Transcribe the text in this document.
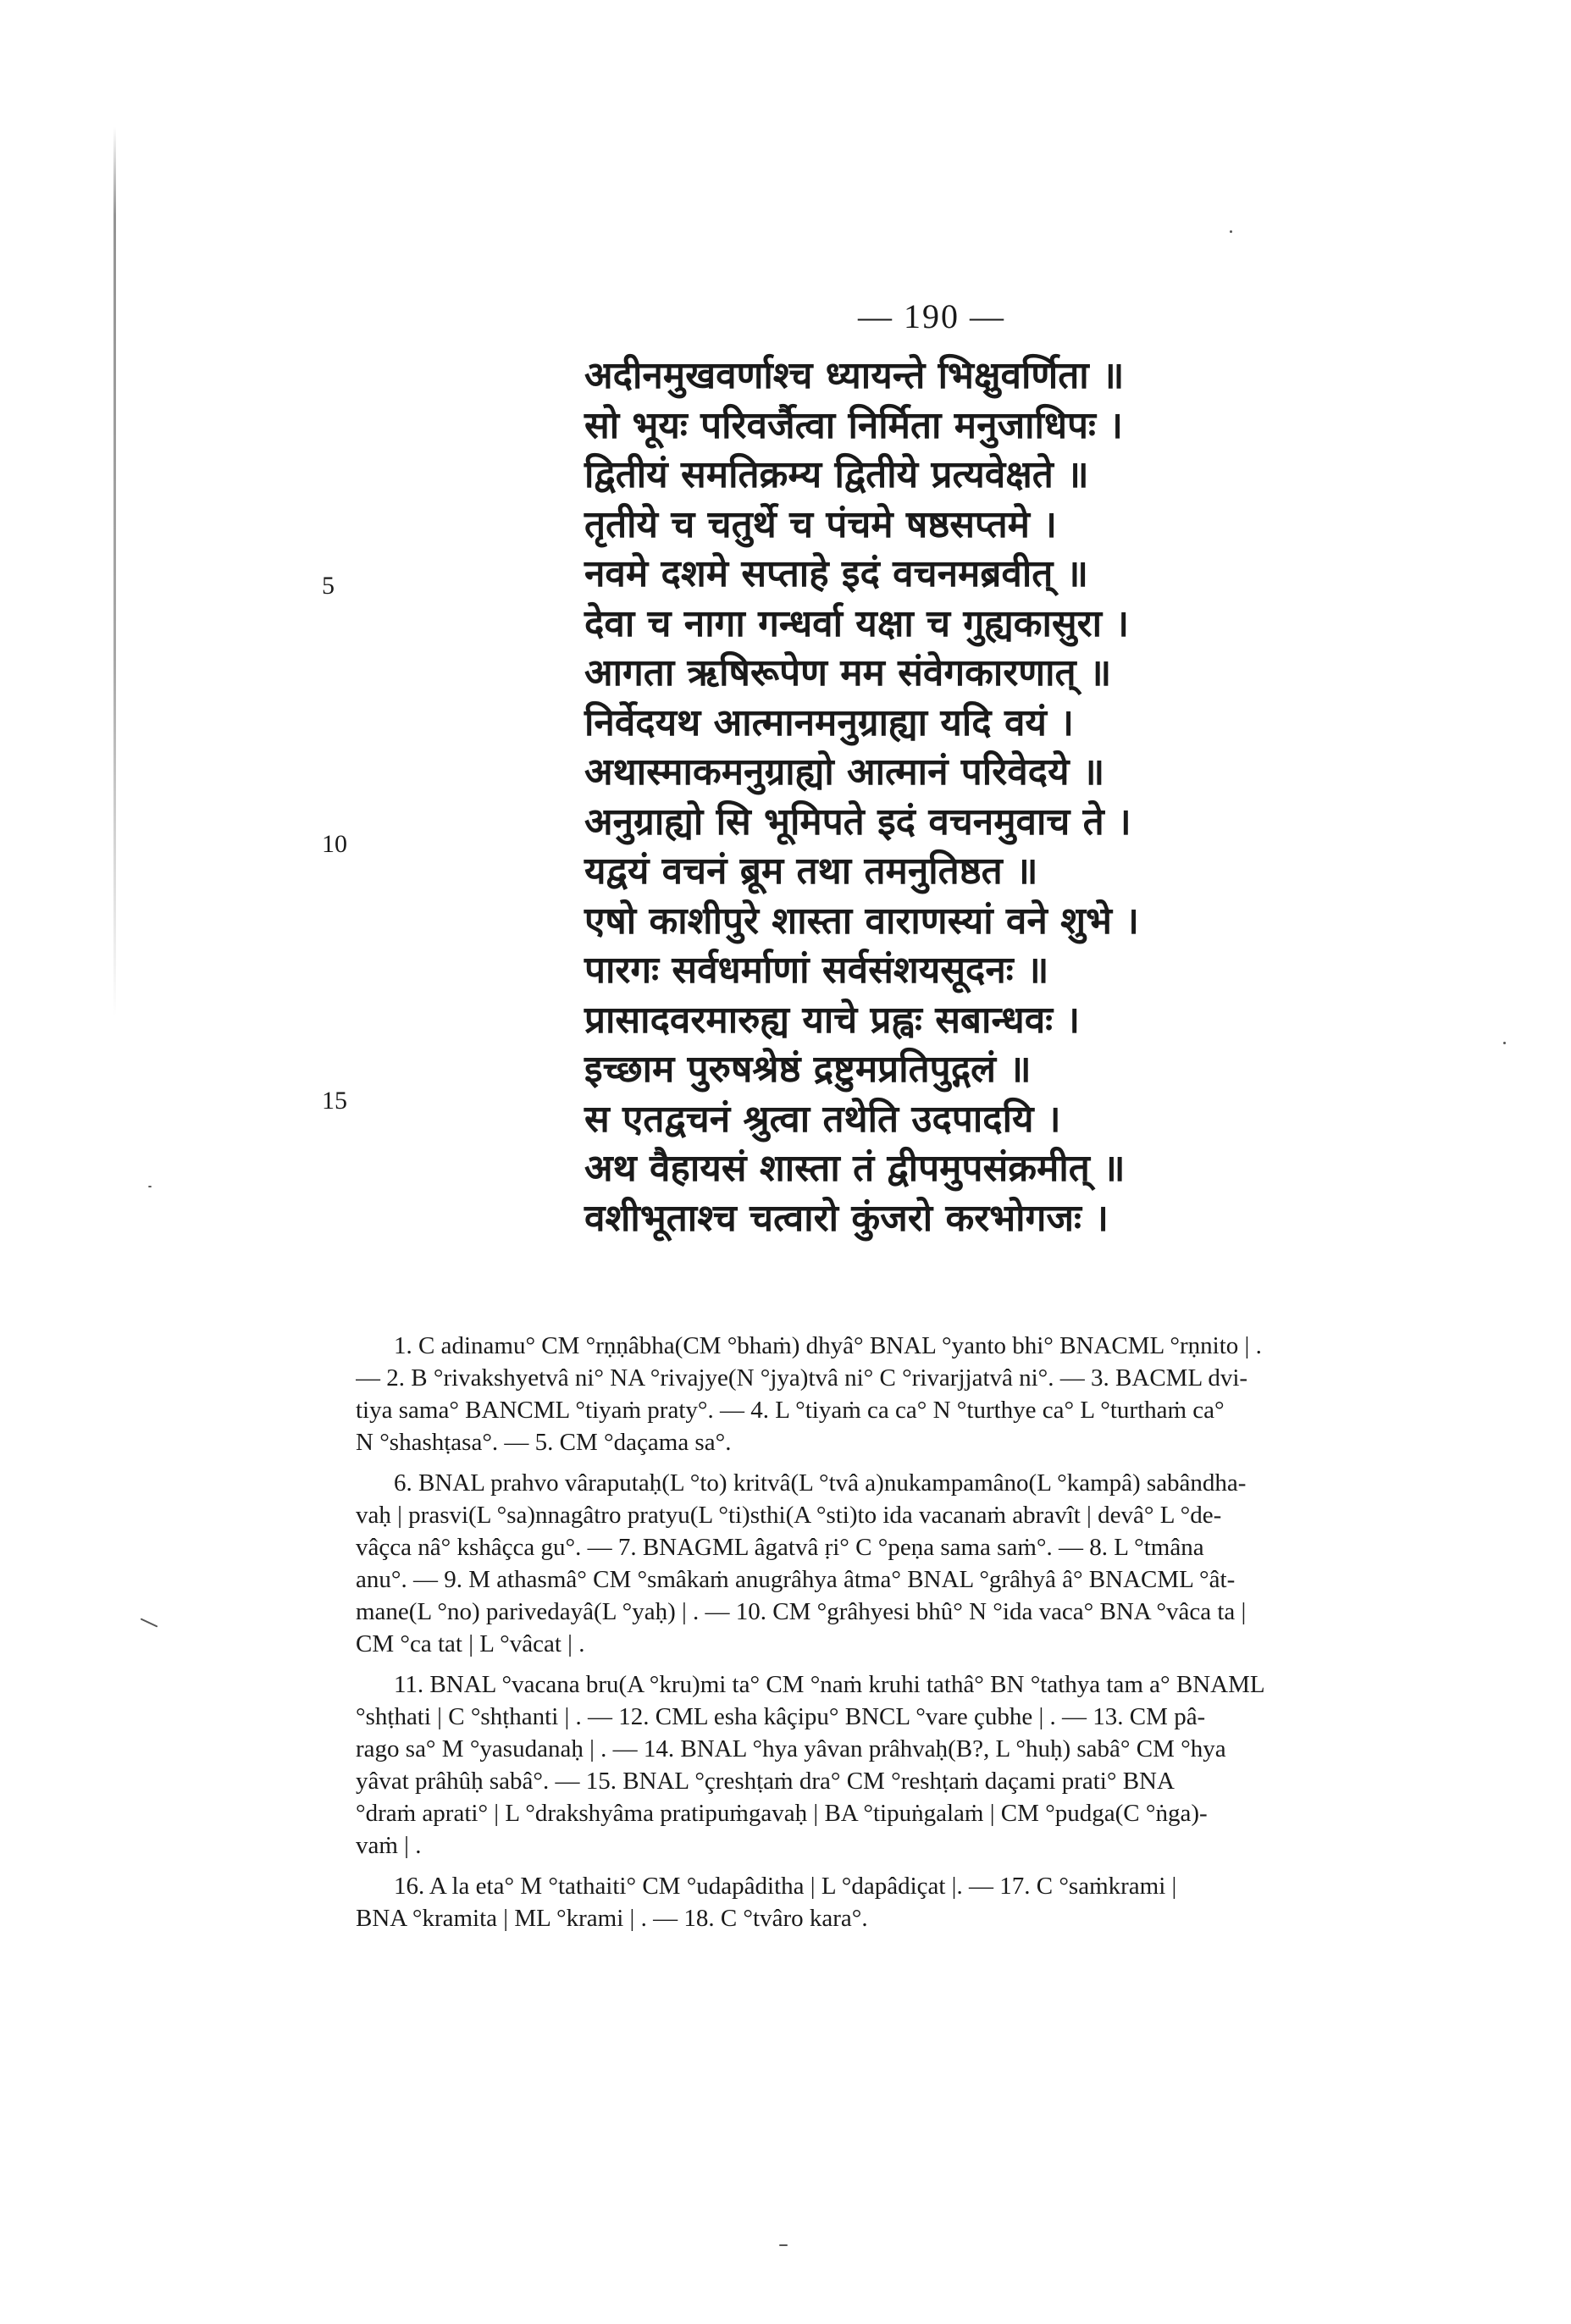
— 190 —
अदीनमुखवर्णाश्च ध्यायन्ते भिक्षुवर्णिता ॥
सो भूयः परिवर्जैत्वा निर्मिता मनुजाधिपः ।
द्वितीयं समतिक्रम्य द्वितीये प्रत्यवेक्षते ॥
तृतीये च चतुर्थे च पंचमे षष्ठसप्तमे ।
नवमे दशमे सप्ताहे इदं वचनमब्रवीत् ॥
देवा च नागा गन्धर्वा यक्षा च गुह्यकासुरा ।
आगता ऋषिरूपेण मम संवेगकारणात् ॥
निर्वेदयथ आत्मानमनुग्राह्या यदि वयं ।
अथास्माकमनुग्राह्यो आत्मानं परिवेदये ॥
अनुग्राह्यो सि भूमिपते इदं वचनमुवाच ते ।
यद्वयं वचनं ब्रूम तथा तमनुतिष्ठत ॥
एषो काशीपुरे शास्ता वाराणस्यां वने शुभे ।
पारगः सर्वधर्माणां सर्वसंशयसूदनः ॥
प्रासादवरमारुह्य याचे प्रह्वः सबान्धवः ।
इच्छाम पुरुषश्रेष्ठं द्रष्टुमप्रतिपुद्गलं ॥
स एतद्वचनं श्रुत्वा तथेति उदपादयि ।
अथ वैहायसं शास्ता तं द्वीपमुपसंक्रमीत् ॥
वशीभूताश्च चत्वारो कुंजरो करभोगजः ।
5
10
15
1. C adinamu° CM °rṇṇâbha(CM °bhaṁ) dhyâ° BNAL °yanto bhi° BNACML °rṇnito | .
— 2. B °rivakshyetvâ ni° NA °rivajye(N °jya)tvâ ni° C °rivarjjatvâ ni°. — 3. BACML dvi-
tiya sama° BANCML °tiyaṁ praty°. — 4. L °tiyaṁ ca ca° N °turthye ca° L °turthaṁ ca°
N °shashṭasa°. — 5. CM °daçama sa°.
6. BNAL prahvo vâraputaḥ(L °to) kritvâ(L °tvâ a)nukampamâno(L °kampâ) sabândha-
vaḥ | prasvi(L °sa)nnagâtro pratyu(L °ti)sthi(A °sti)to ida vacanaṁ abravît | devâ° L °de-
vâçca nâ° kshâçca gu°. — 7. BNAGML âgatvâ ṛi° C °peṇa sama saṁ°. — 8. L °tmâna
anu°. — 9. M athasmâ° CM °smâkaṁ anugrâhya âtma° BNAL °grâhyâ â° BNACML °ât-
mane(L °no) parivedayâ(L °yaḥ) | . — 10. CM °grâhyesi bhû° N °ida vaca° BNA °vâca ta |
CM °ca tat | L °vâcat | .
11. BNAL °vacana bru(A °kru)mi ta° CM °naṁ kruhi tathâ° BN °tathya tam a° BNAML
°shṭhati | C °shṭhanti | . — 12. CML esha kâçipu° BNCL °vare çubhe | . — 13. CM pâ-
rago sa° M °yasudanaḥ | . — 14. BNAL °hya yâvan prâhvaḥ(B?, L °huḥ) sabâ° CM °hya
yâvat prâhûḥ sabâ°. — 15. BNAL °çreshṭaṁ dra° CM °reshṭaṁ daçami prati° BNA
°draṁ aprati° | L °drakshyâma pratipuṁgavaḥ | BA °tipuṅgalaṁ | CM °pudga(C °ṅga)-
vaṁ | .
16. A la eta° M °tathaiti° CM °udapâditha | L °dapâdiçat |. — 17. C °saṁkrami |
BNA °kramita | ML °krami | . — 18. C °tvâro kara°.
